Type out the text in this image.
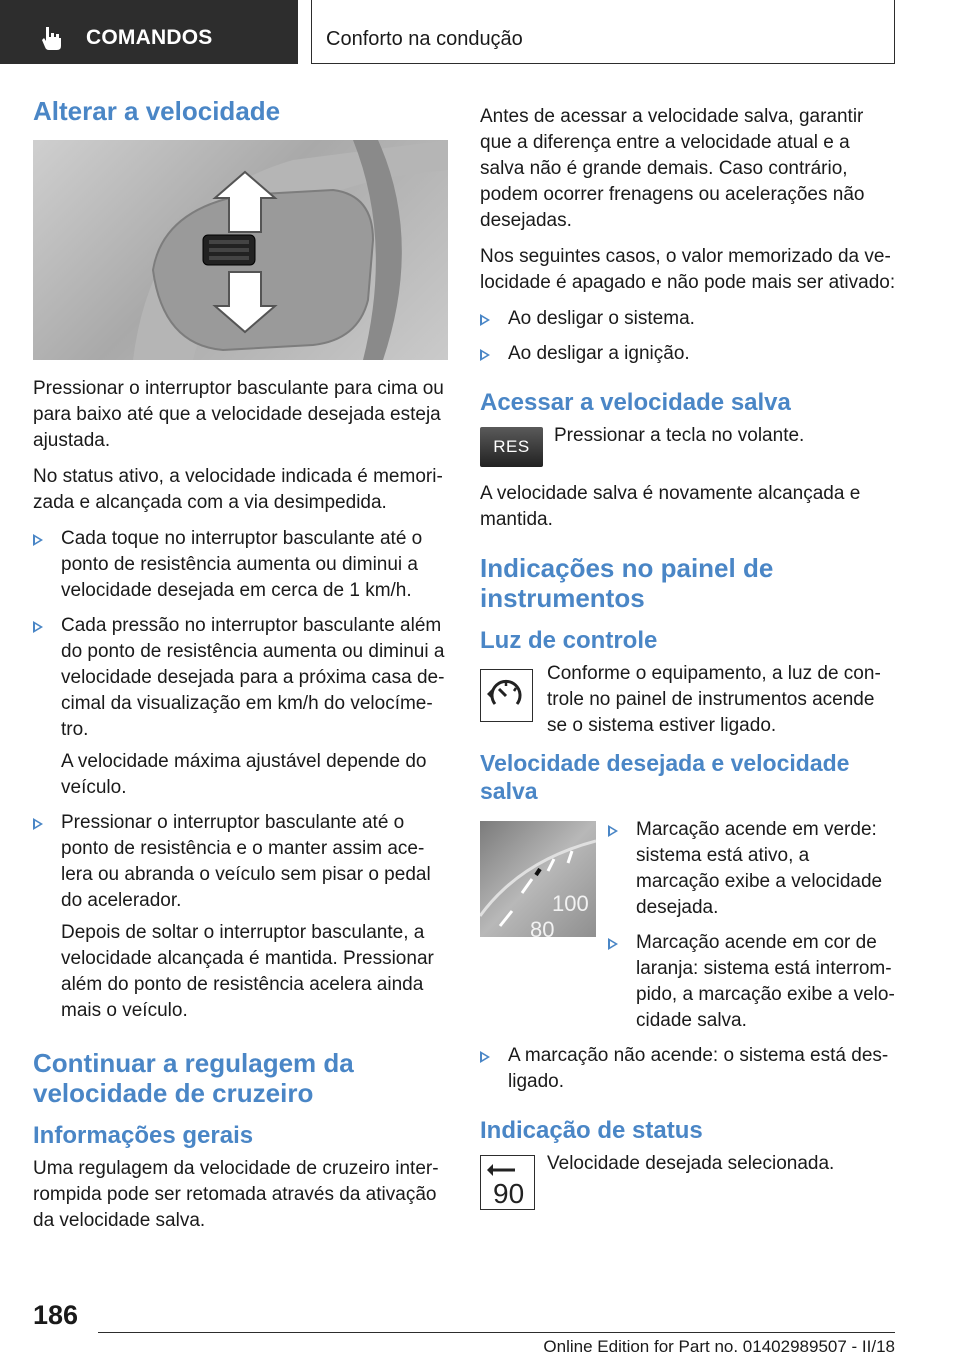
COMANDOS	Conforto na condução
Alterar a velocidade

Pressionar o interruptor basculante para cima ou para baixo até que a velocidade desejada esteja ajustada.

No status ativo, a velocidade indicada é memorizada e alcançada com a via desimpedida.

Cada toque no interruptor basculante até o ponto de resistência aumenta ou diminui a velocidade desejada em cerca de 1 km/h.
Cada pressão no interruptor basculante além do ponto de resistência aumenta ou diminui a velocidade desejada para a próxima casa decimal da visualização em km/h do velocímetro.

A velocidade máxima ajustável depende do veículo.

Pressionar o interruptor basculante até o ponto de resistência e o manter assim acelera ou abranda o veículo sem pisar o pedal do acelerador.

Depois de soltar o interruptor basculante, a velocidade alcançada é mantida. Pressionar além do ponto de resistência acelera ainda mais o veículo.

Continuar a regulagem da velocidade de cruzeiro
Informações gerais

Uma regulagem da velocidade de cruzeiro interrompida pode ser retomada através da ativação da velocidade salva.

Antes de acessar a velocidade salva, garantir que a diferença entre a velocidade atual e a salva não é grande demais. Caso contrário, podem ocorrer frenagens ou acelerações não desejadas.

Nos seguintes casos, o valor memorizado da velocidade é apagado e não pode mais ser ativado:

Ao desligar o sistema.
Ao desligar a ignição.
Acessar a velocidade salva
RES
Pressionar a tecla no volante.

A velocidade salva é novamente alcançada e mantida.

Indicações no painel de instrumentos
Luz de controle
Conforme o equipamento, a luz de controle no painel de instrumentos acende se o sistema estiver ligado.
Velocidade desejada e velocidade salva
100
80
Marcação acende em verde: sistema está ativo, a marcação exibe a velocidade desejada.
Marcação acende em cor de laranja: sistema está interrompido, a marcação exibe a velocidade salva.
A marcação não acende: o sistema está desligado.
Indicação de status
90
Velocidade desejada selecionada.
186
Online Edition for Part no. 01402989507 - II/18
